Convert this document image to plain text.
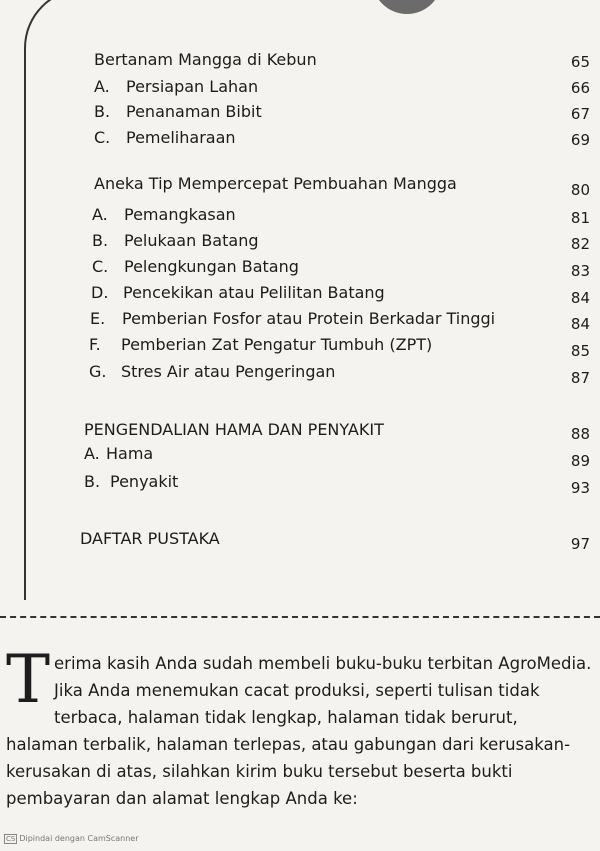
Bertanam Mangga di Kebun	65
A. Persiapan Lahan	66
B. Penanaman Bibit	67
C. Pemeliharaan	69
Aneka Tip Mempercepat Pembuahan Mangga	80
A. Pemangkasan	81
B. Pelukaan Batang	82
C. Pelengkungan Batang	83
D. Pencekikan atau Pelilitan Batang	84
E. Pemberian Fosfor atau Protein Berkadar Tinggi	84
F. Pemberian Zat Pengatur Tumbuh (ZPT)	85
G. Stres Air atau Pengeringan	87
PENGENDALIAN HAMA DAN PENYAKIT	88
A. Hama	89
B. Penyakit	93
DAFTAR PUSTAKA	97
Terima kasih Anda sudah membeli buku-buku terbitan AgroMedia. Jika Anda menemukan cacat produksi, seperti tulisan tidak terbaca, halaman tidak lengkap, halaman tidak berurut, halaman terbalik, halaman terlepas, atau gabungan dari kerusakan-kerusakan di atas, silahkan kirim buku tersebut beserta bukti pembayaran dan alamat lengkap Anda ke:
CS Dipindai dengan CamScanner
